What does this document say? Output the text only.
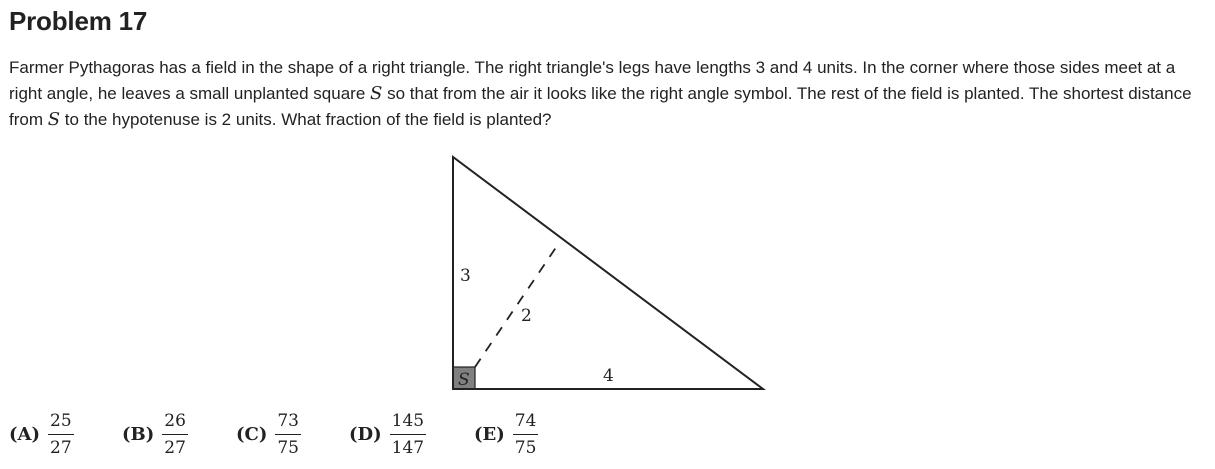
Problem 17

Farmer Pythagoras has a field in the shape of a right triangle. The right triangle's legs have lengths 3 and 4 units. In the corner where those sides meet at a right angle, he leaves a small unplanted square S so that from the air it looks like the right angle symbol. The rest of the field is planted. The shortest distance from S to the hypotenuse is 2 units. What fraction of the field is planted?

3
2
4
S
$(A) \frac{25}{27}$	$(B) \frac{26}{27}$	$(C) \frac{73}{75}$	$(D) \frac{145}{147}$	$(E) \frac{74}{75}$
